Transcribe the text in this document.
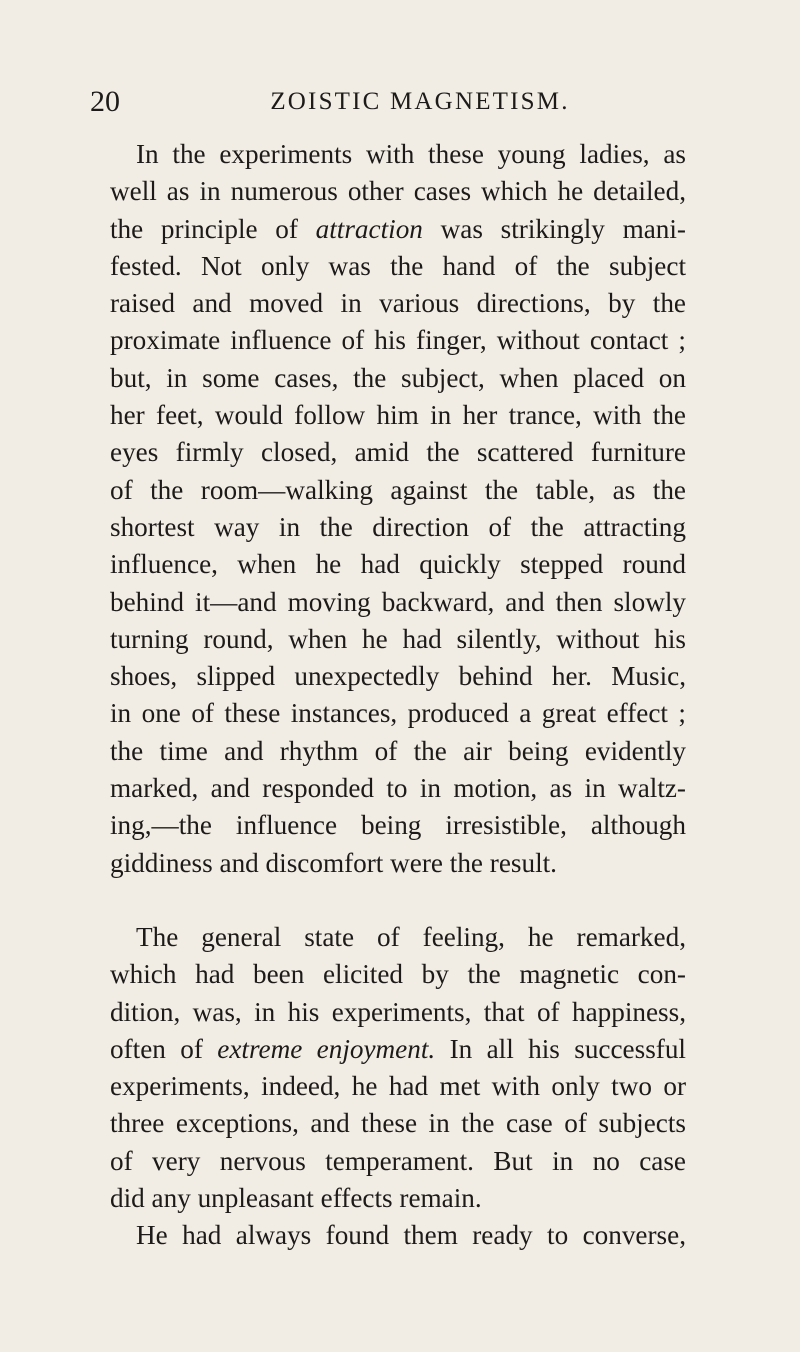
20	ZOISTIC MAGNETISM.
In the experiments with these young ladies, as
well as in numerous other cases which he detailed,
the principle of attraction was strikingly mani-
fested. Not only was the hand of the subject
raised and moved in various directions, by the
proximate influence of his finger, without contact ;
but, in some cases, the subject, when placed on
her feet, would follow him in her trance, with the
eyes firmly closed, amid the scattered furniture
of the room—walking against the table, as the
shortest way in the direction of the attracting
influence, when he had quickly stepped round
behind it—and moving backward, and then slowly
turning round, when he had silently, without his
shoes, slipped unexpectedly behind her. Music,
in one of these instances, produced a great effect ;
the time and rhythm of the air being evidently
marked, and responded to in motion, as in waltz-
ing,—the influence being irresistible, although
giddiness and discomfort were the result.
The general state of feeling, he remarked,
which had been elicited by the magnetic con-
dition, was, in his experiments, that of happiness,
often of extreme enjoyment. In all his successful
experiments, indeed, he had met with only two or
three exceptions, and these in the case of subjects
of very nervous temperament. But in no case
did any unpleasant effects remain.
He had always found them ready to converse,
